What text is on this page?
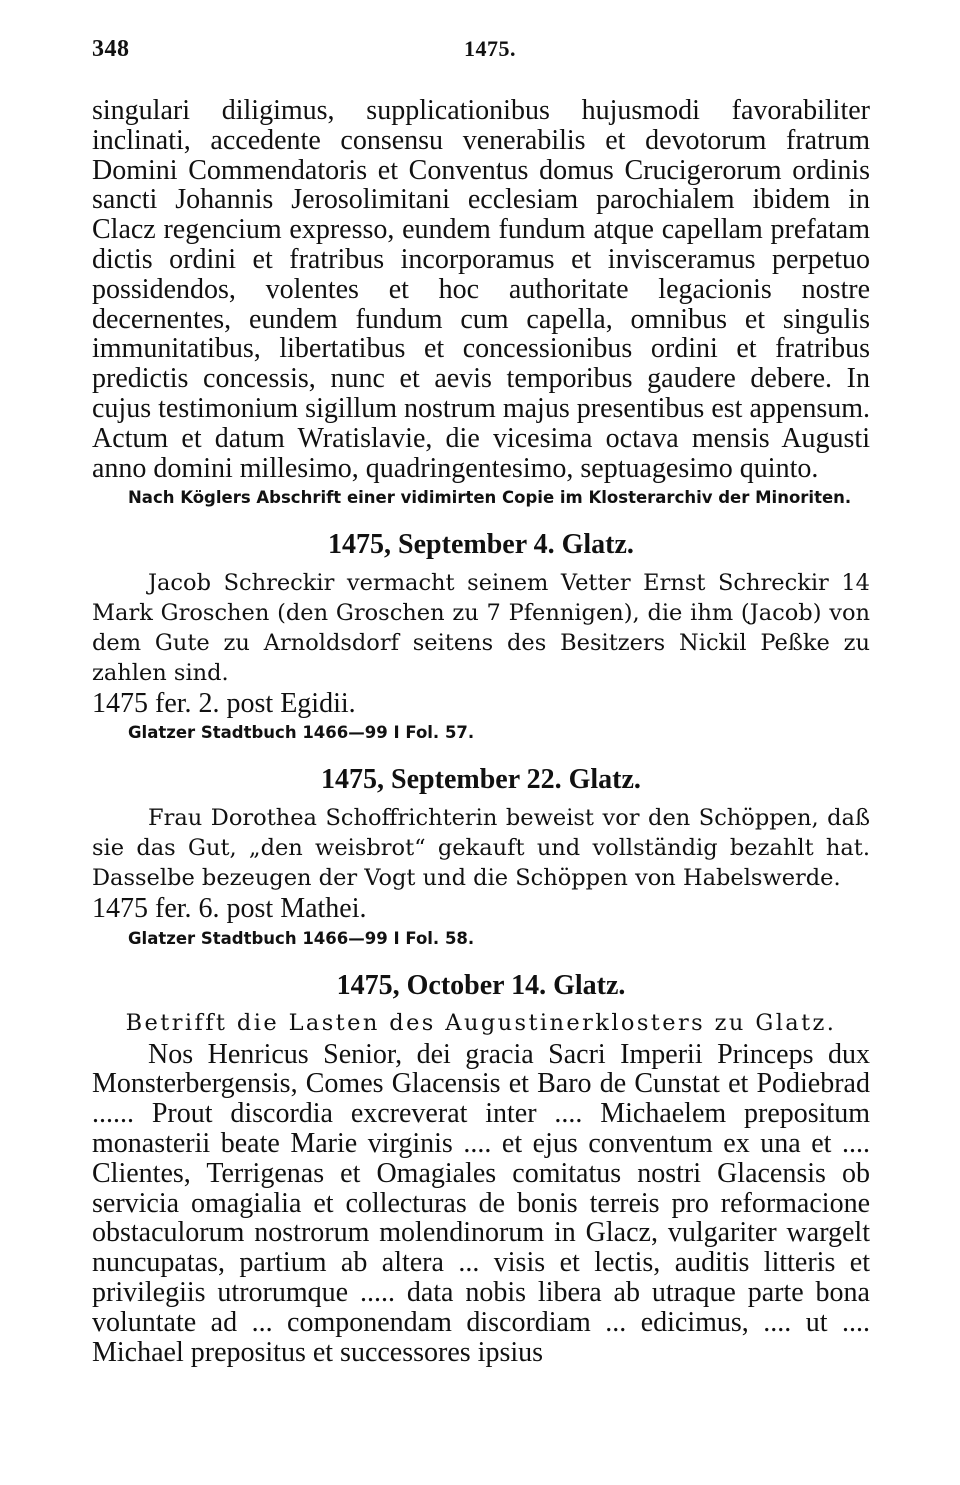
348	1475.

singulari diligimus, supplicationibus hujusmodi favorabiliter inclinati, accedente consensu venerabilis et devotorum fratrum Domini Commendatoris et Conventus domus Crucigerorum ordinis sancti Johannis Jerosolimitani ecclesiam parochialem ibidem in Clacz regencium expresso, eundem fundum atque capellam prefatam dictis ordini et fratribus incorporamus et invisceramus perpetuo possidendos, volentes et hoc authoritate legacionis nostre decernentes, eundem fundum cum capella, omnibus et singulis immunitatibus, libertatibus et concessionibus ordini et fratribus predictis concessis, nunc et aevis temporibus gaudere debere. In cujus testimonium sigillum nostrum majus presentibus est appensum. Actum et datum Wratislavie, die vicesima octava mensis Augusti anno domini millesimo, quadringentesimo, septuagesimo quinto.

Nach Köglers Abschrift einer vidimirten Copie im Klosterarchiv der Minoriten.

1475, September 4. Glatz.

Jacob Schreckir vermacht seinem Vetter Ernst Schreckir 14 Mark Groschen (den Groschen zu 7 Pfennigen), die ihm (Jacob) von dem Gute zu Arnoldsdorf seitens des Besitzers Nickil Peßke zu zahlen sind.

1475 fer. 2. post Egidii.

Glatzer Stadtbuch 1466—99 I Fol. 57.

1475, September 22. Glatz.

Frau Dorothea Schoffrichterin beweist vor den Schöppen, daß sie das Gut, „den weisbrot“ gekauft und vollständig bezahlt hat. Dasselbe bezeugen der Vogt und die Schöppen von Habelswerde.

1475 fer. 6. post Mathei.

Glatzer Stadtbuch 1466—99 I Fol. 58.

1475, October 14. Glatz.
Betrifft die Lasten des Augustinerklosters zu Glatz.

Nos Henricus Senior, dei gracia Sacri Imperii Princeps dux Monsterbergensis, Comes Glacensis et Baro de Cunstat et Podiebrad ...... Prout discordia excreverat inter .... Michaelem prepositum monasterii beate Marie virginis .... et ejus conventum ex una et .... Clientes, Terrigenas et Omagiales comitatus nostri Glacensis ob servicia omagialia et collecturas de bonis terreis pro reformacione obstaculorum nostrorum molendinorum in Glacz, vulgariter wargelt nuncupatas, partium ab altera ... visis et lectis, auditis litteris et privilegiis utrorumque ..... data nobis libera ab utraque parte bona voluntate ad ... componendam discordiam ... edicimus, .... ut .... Michael prepositus et successores ipsius
